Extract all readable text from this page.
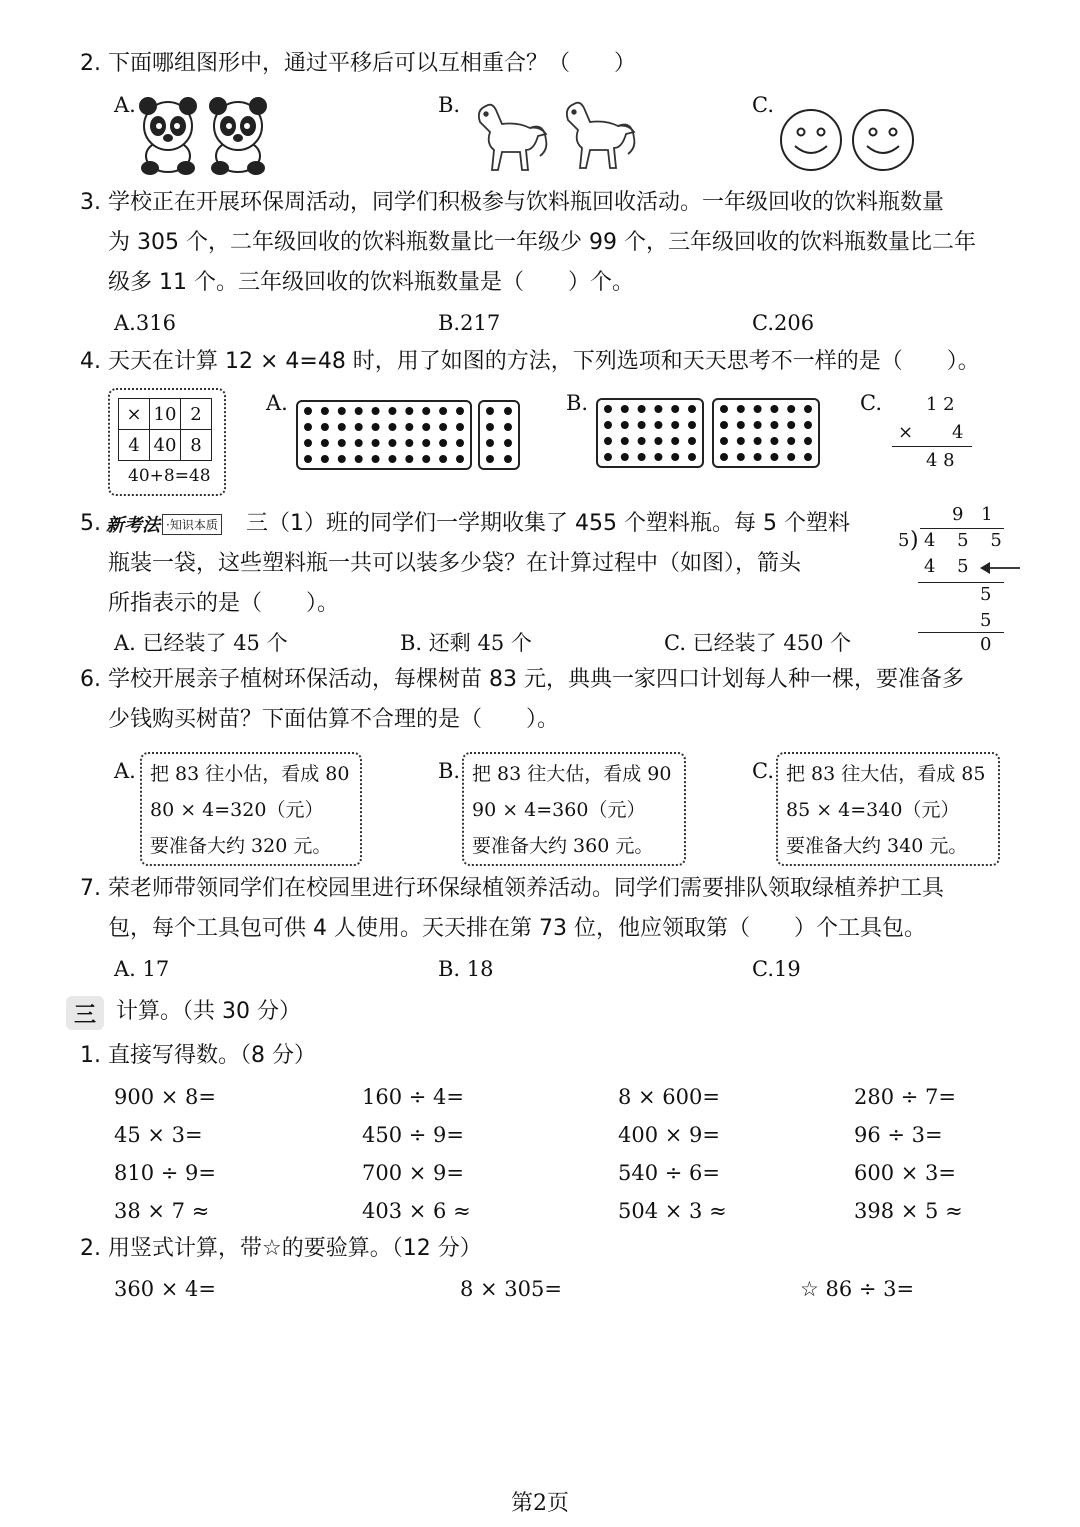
2. 下面哪组图形中，通过平移后可以互相重合？（　　）
A.	B.	C.
3. 学校正在开展环保周活动，同学们积极参与饮料瓶回收活动。一年级回收的饮料瓶数量
为 305 个，二年级回收的饮料瓶数量比一年级少 99 个，三年级回收的饮料瓶数量比二年
级多 11 个。三年级回收的饮料瓶数量是（　　）个。
A.316	B.217	C.206
4. 天天在计算 12 × 4=48 时，用了如图的方法，下列选项和天天思考不一样的是（　　）。
×	10	2
4	40	8
40+8=48
A.	B.	C. 1 2
× 4
4 8
5. 新考法 ·知识本质 三（1）班的同学们一学期收集了 455 个塑料瓶。每 5 个塑料
瓶装一袋，这些塑料瓶一共可以装多少袋？在计算过程中（如图），箭头
所指表示的是（　　）。
A. 已经装了 45 个	B. 还剩 45 个	C. 已经装了 450 个
9 1
5 ) 4 5 5
4 5
5
5
0
6. 学校开展亲子植树环保活动，每棵树苗 83 元，典典一家四口计划每人种一棵，要准备多
少钱购买树苗？下面估算不合理的是（　　）。
A. 把 83 往小估，看成 80
80 × 4=320（元）
要准备大约 320 元。
B. 把 83 往大估，看成 90
90 × 4=360（元）
要准备大约 360 元。
C. 把 83 往大估，看成 85
85 × 4=340（元）
要准备大约 340 元。
7. 荣老师带领同学们在校园里进行环保绿植领养活动。同学们需要排队领取绿植养护工具
包，每个工具包可供 4 人使用。天天排在第 73 位，他应领取第（　　）个工具包。
A. 17	B. 18	C.19
三 计算。（共 30 分）
1. 直接写得数。（8 分）
900 × 8=	160 ÷ 4=	8 × 600=	280 ÷ 7=
45 × 3=	450 ÷ 9=	400 × 9=	96 ÷ 3=
810 ÷ 9=	700 × 9=	540 ÷ 6=	600 × 3=
38 × 7 ≈	403 × 6 ≈	504 × 3 ≈	398 × 5 ≈
2. 用竖式计算，带☆的要验算。（12 分）
360 × 4=	8 × 305=	☆ 86 ÷ 3=
第2页
